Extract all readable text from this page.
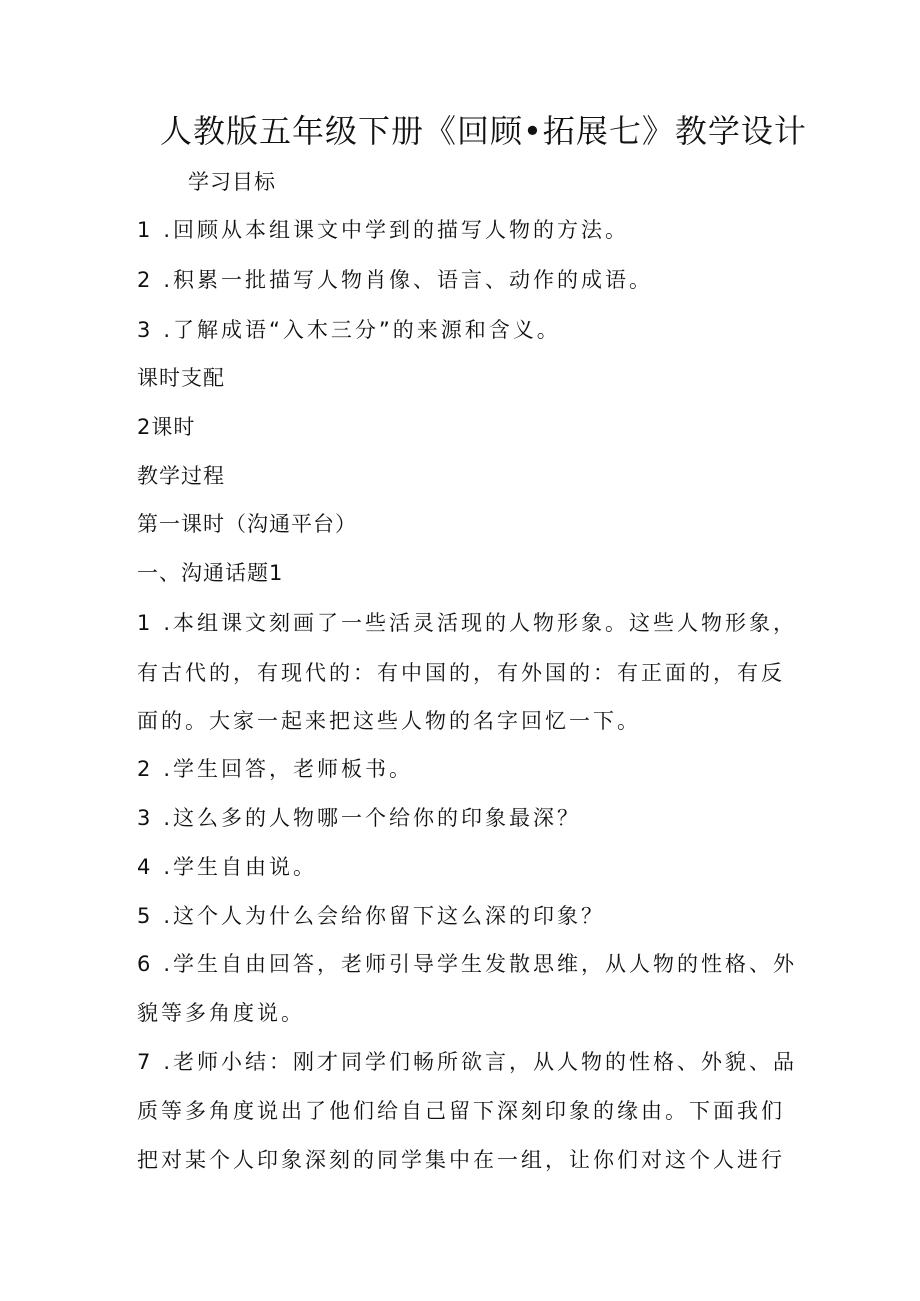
人教版五年级下册《回顾•拓展七》教学设计
学习目标
1 .回顾从本组课文中学到的描写人物的方法。
2 .积累一批描写人物肖像、语言、动作的成语。
3 .了解成语“入木三分”的来源和含义。
课时支配
2课时
教学过程
第一课时（沟通平台）
一、沟通话题1
1 .本组课文刻画了一些活灵活现的人物形象。这些人物形象，
有古代的，有现代的：有中国的，有外国的：有正面的，有反
面的。大家一起来把这些人物的名字回忆一下。
2 .学生回答，老师板书。
3 .这么多的人物哪一个给你的印象最深？
4 .学生自由说。
5 .这个人为什么会给你留下这么深的印象？
6 .学生自由回答，老师引导学生发散思维，从人物的性格、外
貌等多角度说。
7 .老师小结：刚才同学们畅所欲言，从人物的性格、外貌、品
质等多角度说出了他们给自己留下深刻印象的缘由。下面我们
把对某个人印象深刻的同学集中在一组，让你们对这个人进行
